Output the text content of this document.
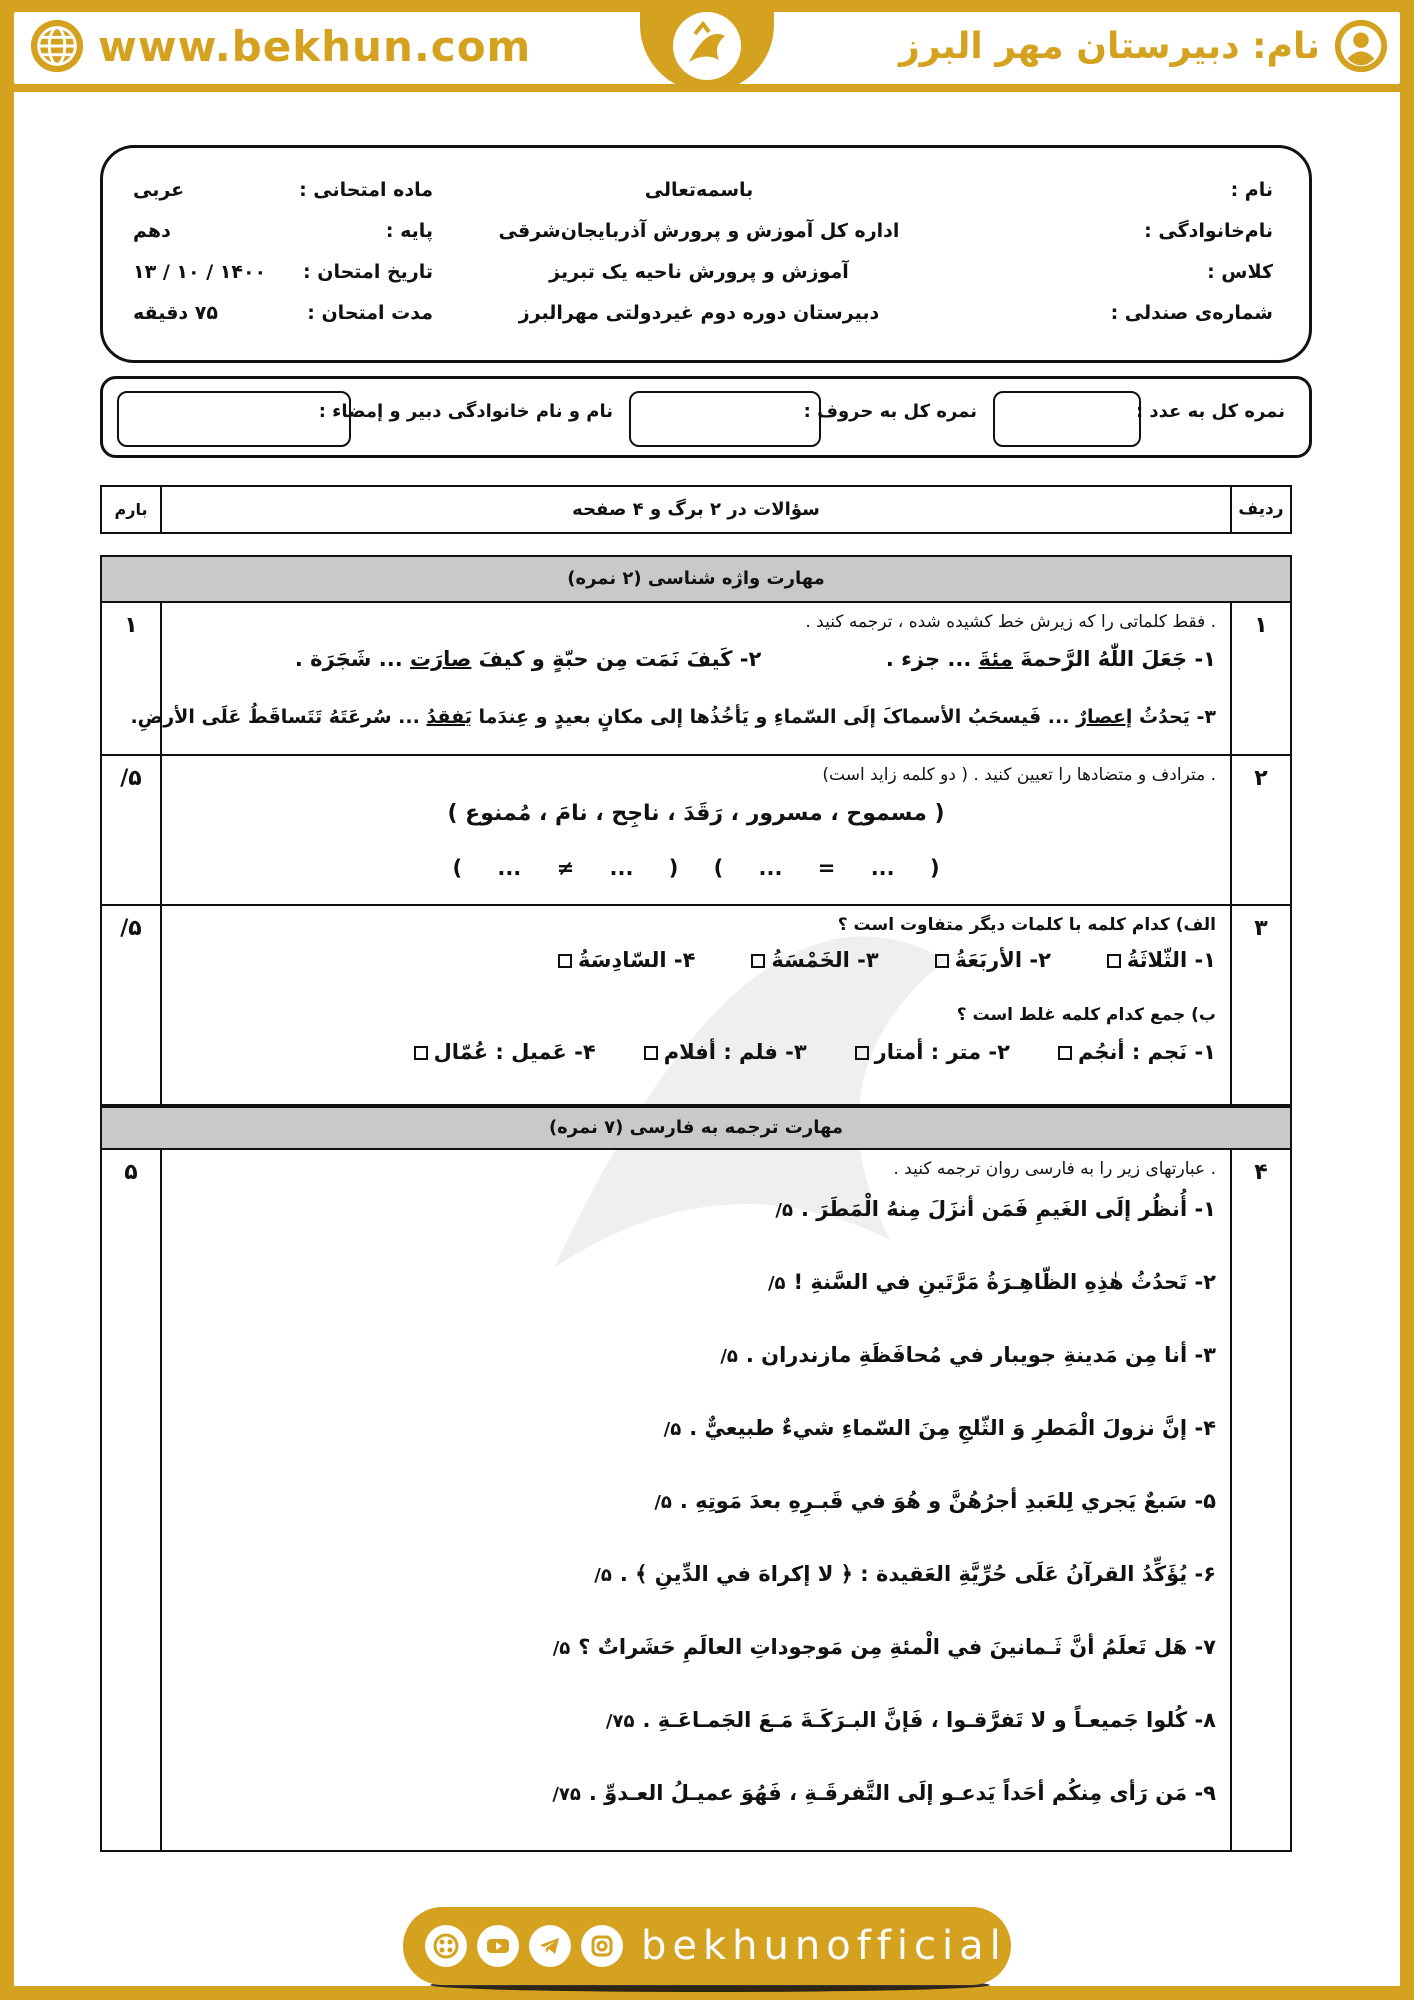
www.bekhun.com	نام: دبیرستان مهر البرز
نام :
نام‌خانوادگی :
کلاس :
شماره‌ی صندلی :
باسمه‌تعالی
اداره کل آموزش و پرورش آذربایجان‌شرقی
آموزش و پرورش ناحیه یک تبریز
دبیرستان دوره دوم غیردولتی مهرالبرز
ماده امتحانی :
عربی
پایه :
دهم
تاریخ امتحان :
۱۴۰۰ / ۱۰ / ۱۳
مدت امتحان :
۷۵ دقیقه
نمره کل به عدد :
نمره کل به حروف :
نام و نام خانوادگی دبیر و إمضاء :
ردیف
سؤالات در ۲ برگ و ۴ صفحه
بارم
مهارت واژه شناسی (۲ نمره)
۱
. فقط کلماتی را که زیرش خط کشیده شده ، ترجمه کنید .
۱- جَعَلَ اللّٰهُ الرَّحمةَ مئةَ ... جزء .  ۲- کَیفَ نَمَت مِن حبّةٍ و کیفَ صارَت ... شَجَرَة .
۳- یَحدُثُ إعصارٌ ... فَیسحَبُ الأسماکَ إلَی السّماءِ و یَأخُذُها إلی مکانٍ بعیدٍ و عِندَما یَفقدُ ... سُرعَتَهُ تَتَساقَطُ عَلَی الأرضِ.
۱
۲
. مترادف و متضادها را تعیین کنید . ( دو کلمه زاید است)
( مسموح ، مسرور ، رَقَدَ ، ناجِح ، نامَ ، مُمنوع )
( ... = ... ) ( ... ≠ ... )
۵/
۳
الف) کدام کلمه با کلمات دیگر متفاوت است ؟
۱- الثّلاثَةُ
۲- الأربَعَةُ
۳- الخَمْسَةُ
۴- السّادِسَةُ
ب) جمع کدام کلمه غلط است ؟
۱- نَجم : أنجُم
۲- متر : أمتار
۳- فلم : أفلام
۴- عَمیل : عُمّال
۵/
مهارت ترجمه به فارسی (۷ نمره)
۴
. عبارتهای زیر را به فارسی روان ترجمه کنید .
۱- أُنظُر إلَی الغَیمِ فَمَن أنزَلَ مِنهُ الْمَطَرَ .۵/
۲- تَحدُثُ هٰذِهِ الظّاهِـرَةُ مَرَّتَینِ في السَّنةِ !۵/
۳- أنا مِن مَدینةِ جویبار في مُحافَظَةِ مازندران .۵/
۴- إنَّ نزولَ الْمَطرِ وَ الثّلجِ مِنَ السّماءِ شيءٌ طبیعيٌّ .۵/
۵- سَبعٌ یَجري لِلعَبدِ أجرُهُنَّ و هُوَ في قَبـرِهِ بعدَ مَوتِهِ .۵/
۶- یُؤَکِّدُ القرآنُ عَلَی حُرِّیَّةِ العَقیدة : ﴿ لا إکراهَ في الدِّینِ ﴾ .۵/
۷- هَل تَعلَمُ أنَّ ثَـمانینَ في الْمئةِ مِن مَوجوداتِ العالَمِ حَشَراتٌ ؟۵/
۸- کُلوا جَمیعـاً و لا تَفرَّقـوا ، فَإنَّ البـرَکَـةَ مَـعَ الجَمـاعَـةِ .۷۵/
۹- مَن رَأی مِنکُم أحَداً یَدعـو إلَی التَّفرقَـةِ ، فَهُوَ عمیـلُ العـدوِّ .۷۵/
۵
bekhunofficial
